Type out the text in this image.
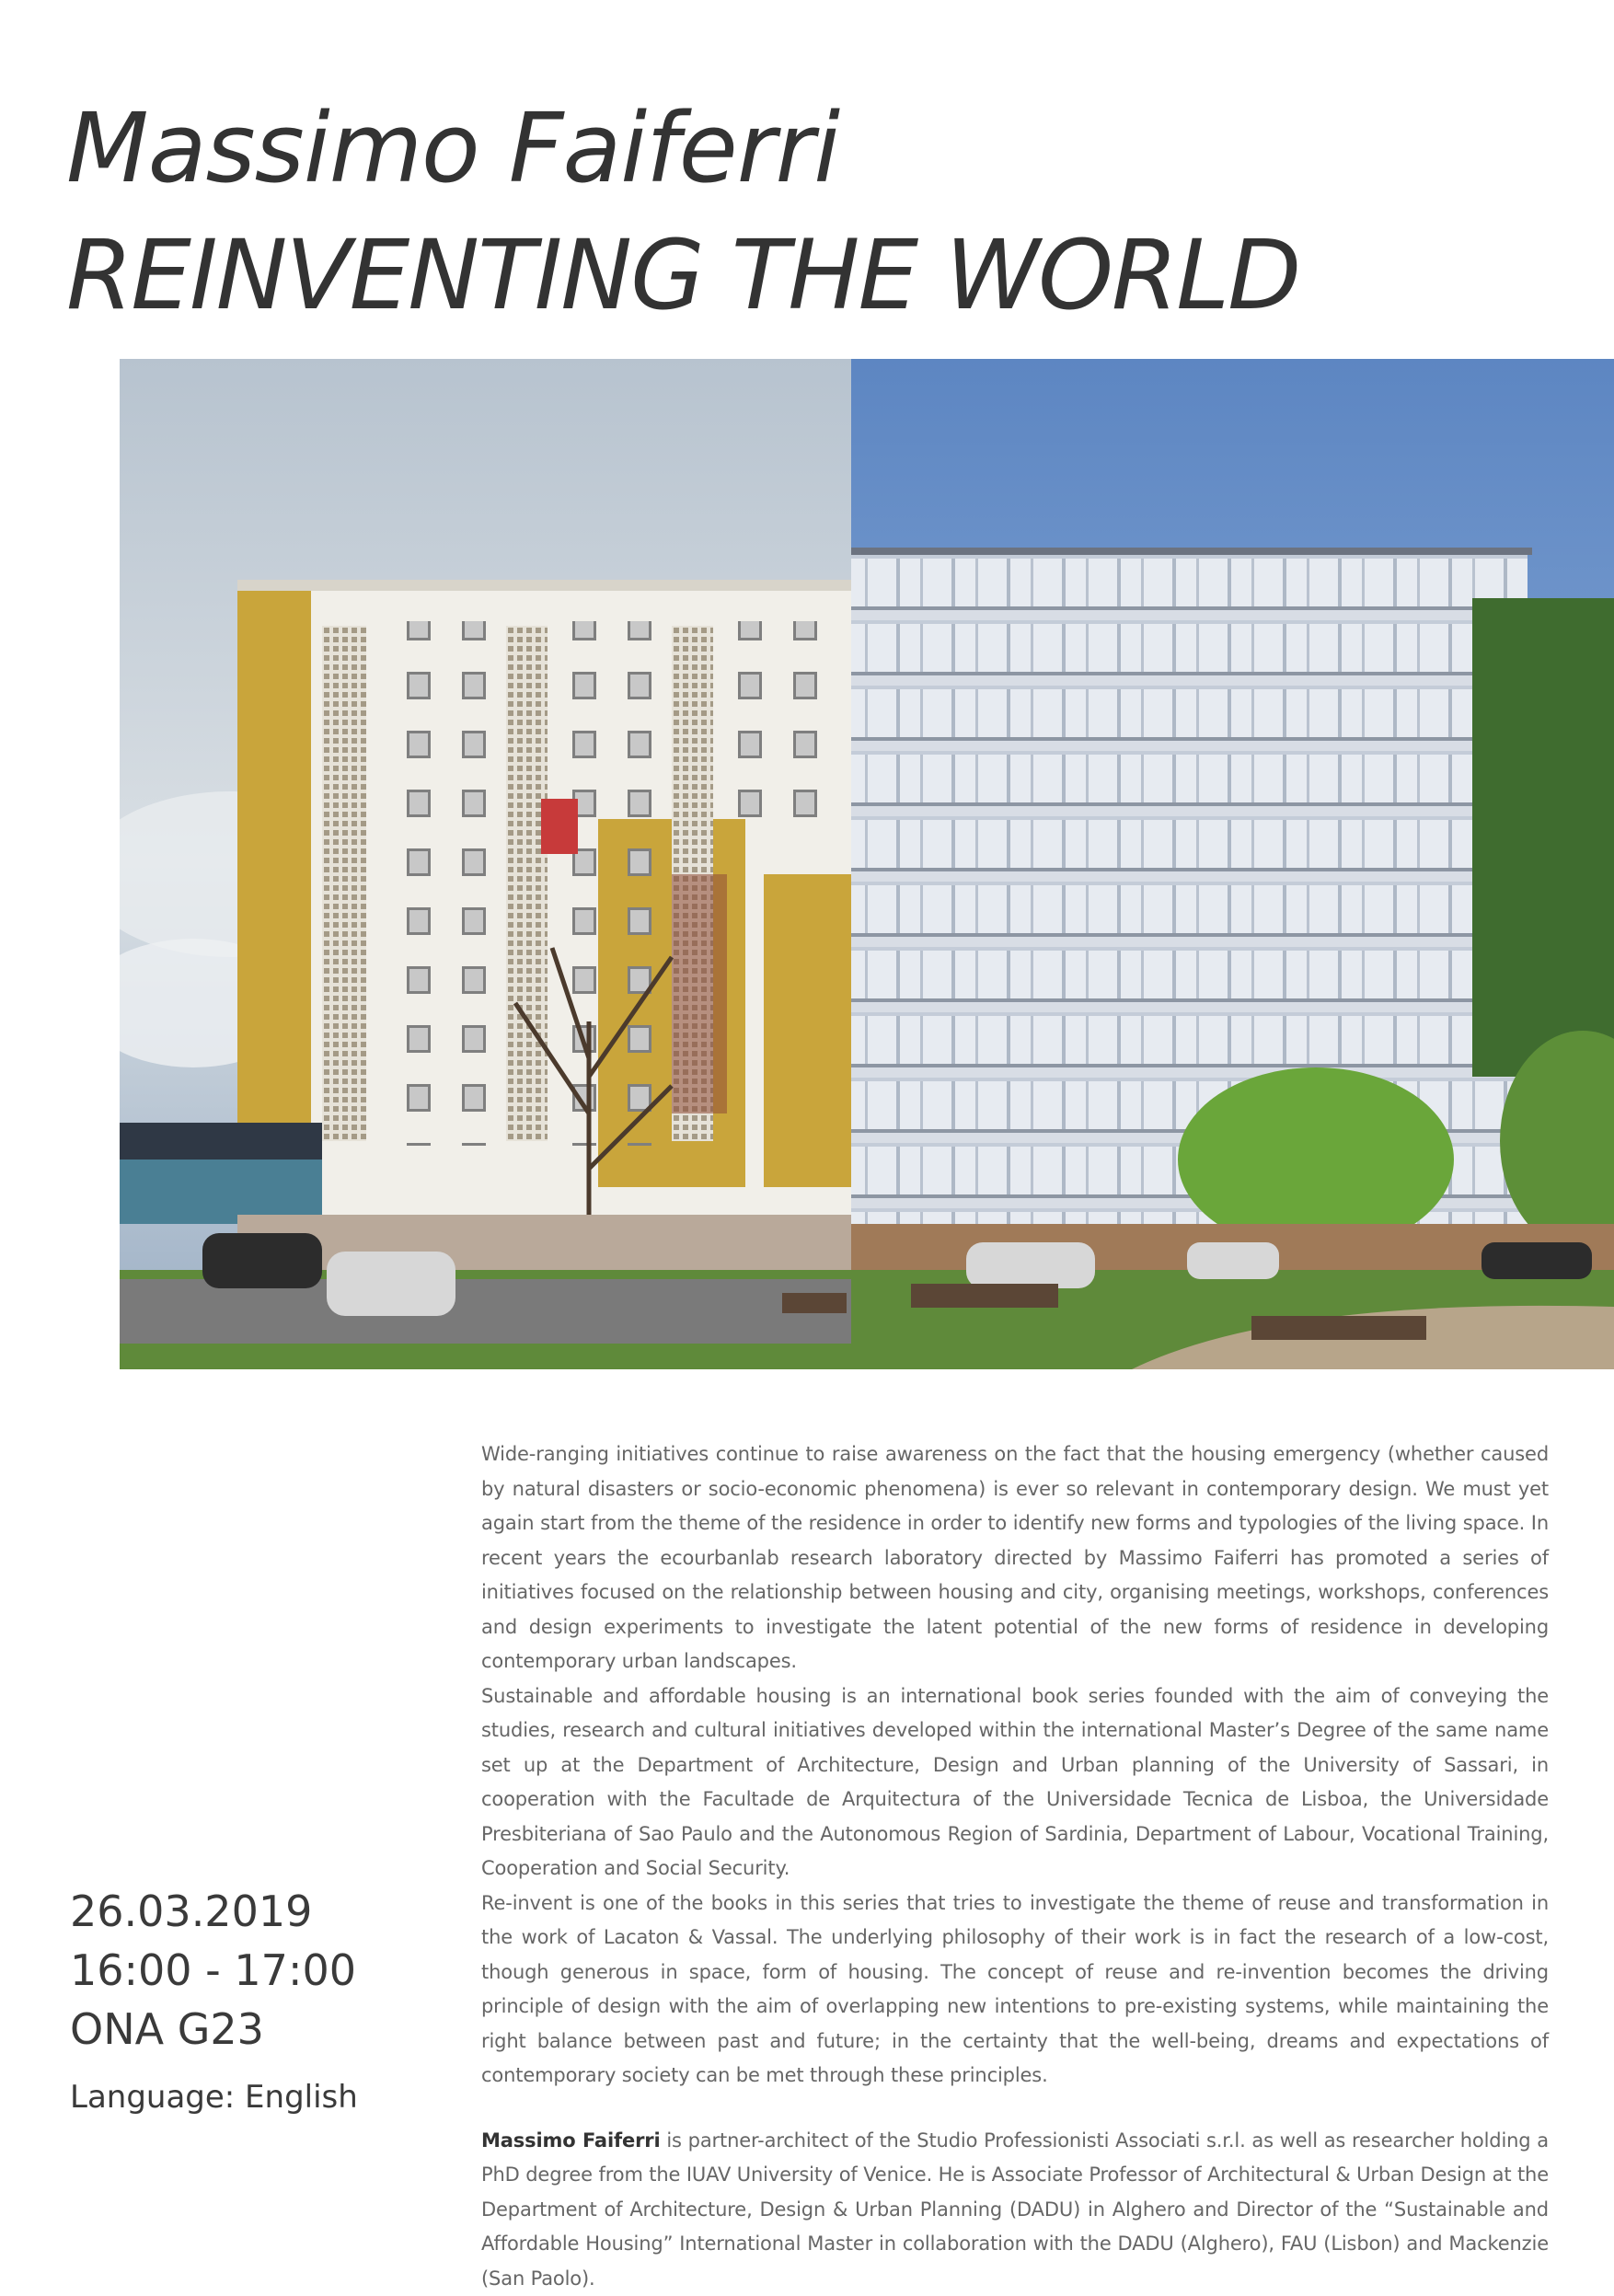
Massimo Faiferri
REINVENTING THE WORLD
26.03.2019
16:00 - 17:00
ONA G23
Language: English

Wide-ranging initiatives continue to raise awareness on the fact that the housing emergency (whether caused by natural disasters or socio-economic phenomena) is ever so relevant in contemporary design. We must yet again start from the theme of the residence in order to identify new forms and typologies of the living space. In recent years the ecourbanlab research laboratory directed by Massimo Faiferri has promoted a series of initiatives focused on the relationship between housing and city, organising meetings, workshops, conferences and design experiments to investigate the latent potential of the new forms of residence in developing contemporary urban landscapes.

Sustainable and affordable housing is an international book series founded with the aim of conveying the studies, research and cultural initiatives developed within the international Master’s Degree of the same name set up at the Department of Architecture, Design and Urban planning of the University of Sassari, in cooperation with the Facultade de Arquitectura of the Universidade Tecnica de Lisboa, the Universidade Presbiteriana of Sao Paulo and the Autonomous Region of Sardinia, Department of Labour, Vocational Training, Cooperation and Social Security.

Re-invent is one of the books in this series that tries to investigate the theme of reuse and transformation in the work of Lacaton & Vassal. The underlying philosophy of their work is in fact the research of a low-cost, though generous in space, form of housing. The concept of reuse and re-invention becomes the driving principle of design with the aim of overlapping new intentions to pre-existing systems, while maintaining the right balance between past and future; in the certainty that the well-being, dreams and expectations of contemporary society can be met through these principles.

Massimo Faiferri is partner-architect of the Studio Professionisti Associati s.r.l. as well as researcher holding a PhD degree from the IUAV University of Venice. He is Associate Professor of Architectural & Urban Design at the Department of Architecture, Design & Urban Planning (DADU) in Alghero and Director of the “Sustainable and Affordable Housing” International Master in collaboration with the DADU (Alghero), FAU (Lisbon) and Mackenzie (San Paolo).
